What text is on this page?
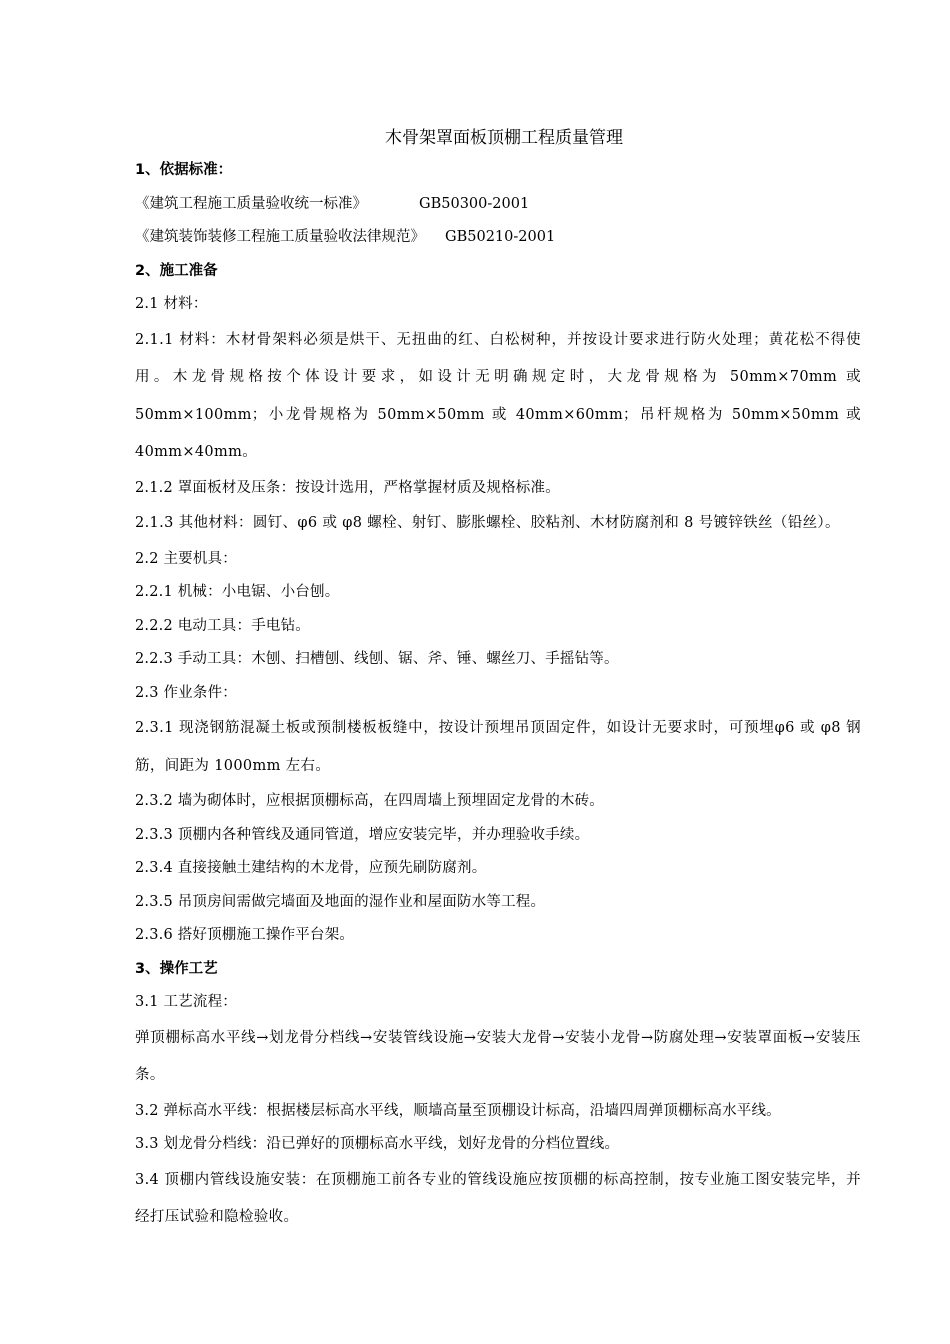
木骨架罩面板顶棚工程质量管理
1、依据标准：
《建筑工程施工质量验收统一标准》	GB50300-2001
《建筑装饰装修工程施工质量验收法律规范》 GB50210-2001
2、施工准备
2.1 材料：
2.1.1 材料：木材骨架料必须是烘干、无扭曲的红、白松树种，并按设计要求进行防火处理；黄花松不得使用。木龙骨规格按个体设计要求，如设计无明确规定时，大龙骨规格为 50mm×70mm 或 50mm×100mm；小龙骨规格为 50mm×50mm 或 40mm×60mm；吊杆规格为 50mm×50mm 或 40mm×40mm。
2.1.2 罩面板材及压条：按设计选用，严格掌握材质及规格标准。
2.1.3 其他材料：圆钉、φ6 或 φ8 螺栓、射钉、膨胀螺栓、胶粘剂、木材防腐剂和 8 号镀锌铁丝（铅丝）。
2.2 主要机具：
2.2.1 机械：小电锯、小台刨。
2.2.2 电动工具：手电钻。
2.2.3 手动工具：木刨、扫槽刨、线刨、锯、斧、锤、螺丝刀、手摇钻等。
2.3 作业条件：
2.3.1 现浇钢筋混凝土板或预制楼板板缝中，按设计预埋吊顶固定件，如设计无要求时，可预埋φ6 或 φ8 钢筋，间距为 1000mm 左右。
2.3.2 墙为砌体时，应根据顶棚标高，在四周墙上预埋固定龙骨的木砖。
2.3.3 顶棚内各种管线及通同管道，增应安装完毕，并办理验收手续。
2.3.4 直接接触土建结构的木龙骨，应预先刷防腐剂。
2.3.5 吊顶房间需做完墙面及地面的湿作业和屋面防水等工程。
2.3.6 搭好顶棚施工操作平台架。
3、操作工艺
3.1 工艺流程：
弹顶棚标高水平线→划龙骨分档线→安装管线设施→安装大龙骨→安装小龙骨→防腐处理→安装罩面板→安装压条。
3.2 弹标高水平线：根据楼层标高水平线，顺墙高量至顶棚设计标高，沿墙四周弹顶棚标高水平线。
3.3 划龙骨分档线：沿已弹好的顶棚标高水平线，划好龙骨的分档位置线。
3.4 顶棚内管线设施安装：在顶棚施工前各专业的管线设施应按顶棚的标高控制，按专业施工图安装完毕，并经打压试验和隐检验收。
